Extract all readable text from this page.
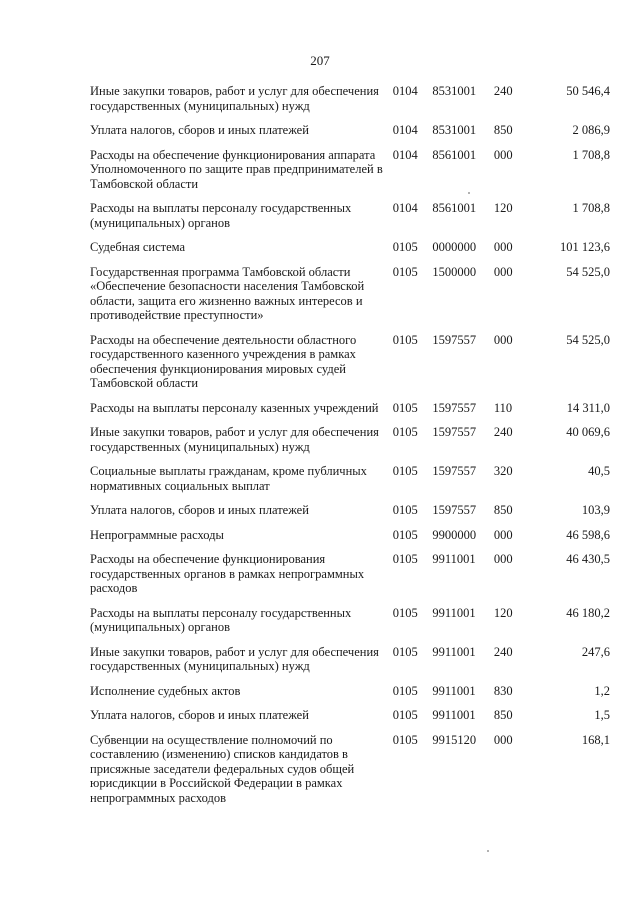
207
Иные закупки товаров, работ и услуг для обеспечения государственных (муниципальных) нужд	0104	8531001	240	50 546,4
Уплата налогов, сборов и иных платежей	0104	8531001	850	2 086,9
Расходы на обеспечение функционирования аппарата Уполномоченного по защите прав предпринимателей в Тамбовской области	0104	8561001	000	1 708,8
Расходы на выплаты персоналу государственных (муниципальных) органов	0104	8561001	120	1 708,8
Судебная система	0105	0000000	000	101 123,6
Государственная программа Тамбовской области «Обеспечение безопасности населения Тамбовской области, защита его жизненно важных интересов и противодействие преступности»	0105	1500000	000	54 525,0
Расходы на обеспечение деятельности областного государственного казенного учреждения в рамках обеспечения функционирования мировых судей Тамбовской области	0105	1597557	000	54 525,0
Расходы на выплаты персоналу казенных учреждений	0105	1597557	110	14 311,0
Иные закупки товаров, работ и услуг для обеспечения государственных (муниципальных) нужд	0105	1597557	240	40 069,6
Социальные выплаты гражданам, кроме публичных нормативных социальных выплат	0105	1597557	320	40,5
Уплата налогов, сборов и иных платежей	0105	1597557	850	103,9
Непрограммные расходы	0105	9900000	000	46 598,6
Расходы на обеспечение функционирования государственных органов в рамках непрограммных расходов	0105	9911001	000	46 430,5
Расходы на выплаты персоналу государственных (муниципальных) органов	0105	9911001	120	46 180,2
Иные закупки товаров, работ и услуг для обеспечения государственных (муниципальных) нужд	0105	9911001	240	247,6
Исполнение судебных актов	0105	9911001	830	1,2
Уплата налогов, сборов и иных платежей	0105	9911001	850	1,5
Субвенции на осуществление полномочий по составлению (изменению) списков кандидатов в присяжные заседатели федеральных судов общей юрисдикции в Российской Федерации в рамках непрограммных расходов	0105	9915120	000	168,1
